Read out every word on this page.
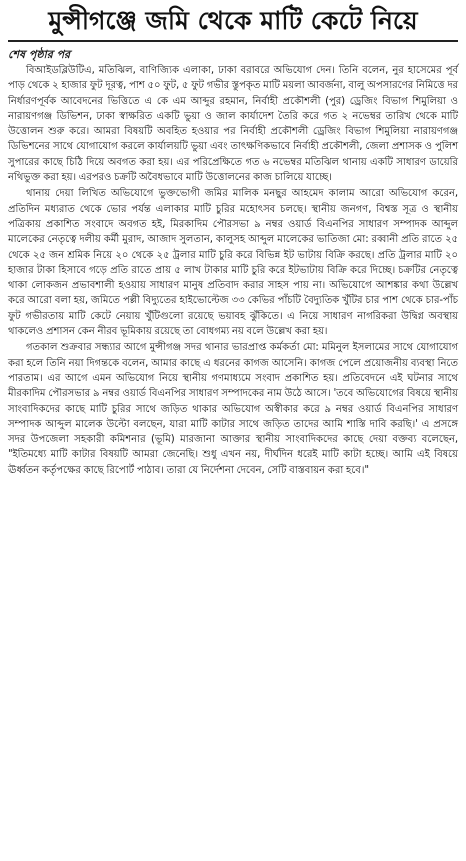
মুন্সীগঞ্জে জমি থেকে মাটি কেটে নিয়ে
শেষ পৃষ্ঠার পর

বিআইডব্লিউটিএ, মতিঝিল, বাণিজ্যিক এলাকা, ঢাকা বরাবরে অভিযোগ দেন। তিনি বলেন, নুর হাসেমের পূর্ব পাড় থেকে ২ হাজার ফুট দূরত্ব, পাশ ৫০ ফুট, ৫ ফুট গভীর স্তুপকৃত মাটি ময়লা আবর্জনা, বালু অপসারণের নিমিত্তে দর নির্ধারণপূর্বক আবেদনের ভিত্তিতে এ কে এম আব্দুর রহমান, নির্বাহী প্রকৌশলী (পুর) ড্রেজিং বিভাগ শিমুলিয়া ও নারায়ণগঞ্জ ডিভিশন, ঢাকা স্বাক্ষরিত একটি ভুয়া ও জাল কার্যাদেশ তৈরি করে গত ২ নভেম্বর তারিখ থেকে মাটি উত্তোলন শুরু করে। আমরা বিষয়টি অবহিত হওয়ার পর নির্বাহী প্রকৌশলী ড্রেজিং বিভাগ শিমুলিয়া নারায়ণগঞ্জ ডিভিশনের সাথে যোগাযোগ করলে কার্যালয়টি ভুয়া এবং তাৎক্ষণিকভাবে নির্বাহী প্রকৌশলী, জেলা প্রশাসক ও পুলিশ সুপারের কাছে চিঠি দিয়ে অবগত করা হয়। এর পরিপ্রেক্ষিতে গত ৬ নভেম্বর মতিঝিল থানায় একটি সাধারণ ডায়েরি নথিভুক্ত করা হয়। এরপরও চক্রটি অবৈধভাবে মাটি উত্তোলনের কাজ চালিয়ে যাচ্ছে।

থানায় দেয়া লিখিত অভিযোগে ভুক্তভোগী জমির মালিক মনছুর আহমেদ কালাম আরো অভিযোগ করেন, প্রতিদিন মধ্যরাত থেকে ভোর পর্যন্ত এলাকার মাটি চুরির মহোৎসব চলছে। স্থানীয় জনগণ, বিশ্বস্ত সূত্র ও স্থানীয় পত্রিকায় প্রকাশিত সংবাদে অবগত হই, মিরকাদিম পৌরসভা ৯ নম্বর ওয়ার্ড বিএনপির সাধারণ সম্পাদক আব্দুল মালেকের নেতৃত্বে দলীয় কর্মী মুরাদ, আজাদ সুলতান, কালুসহ আব্দুল মালেকের ভাতিজা মো: রব্বানী প্রতি রাতে ২৫ থেকে ২৫ জন শ্রমিক নিয়ে ২০ থেকে ২৫ ট্রলার মাটি চুরি করে বিভিন্ন ইট ভাটায় বিক্রি করছে। প্রতি ট্রলার মাটি ২০ হাজার টাকা হিসাবে গড়ে প্রতি রাতে প্রায় ৫ লাখ টাকার মাটি চুরি করে ইটভাটায় বিক্রি করে দিচ্ছে। চক্রটির নেতৃত্বে থাকা লোকজন প্রভাবশালী হওয়ায় সাধারণ মানুষ প্রতিবাদ করার সাহস পায় না। অভিযোগে আশঙ্কার কথা উল্লেখ করে আরো বলা হয়, জমিতে পল্লী বিদ্যুতের হাইভোল্টেজ ৩৩ কেভির পাঁচটি বৈদ্যুতিক খুঁটির চার পাশ থেকে চার-পাঁচ ফুট গভীরতায় মাটি কেটে নেয়ায় খুঁটিগুলো রয়েছে ভয়াবহ ঝুঁকিতে। এ নিয়ে সাধারণ নাগরিকরা উদ্বিগ্ন অবস্থায় থাকলেও প্রশাসন কেন নীরব ভূমিকায় রয়েছে তা বোধগম্য নয় বলে উল্লেখ করা হয়।

গতকাল শুক্রবার সন্ধ্যার আগে মুন্সীগঞ্জ সদর থানার ভারপ্রাপ্ত কর্মকর্তা মো: মমিনুল ইসলামের সাথে যোগাযোগ করা হলে তিনি নয়া দিগন্তকে বলেন, আমার কাছে এ ধরনের কাগজ আসেনি। কাগজ পেলে প্রয়োজনীয় ব্যবস্থা নিতে পারতাম। এর আগে এমন অভিযোগ নিয়ে স্থানীয় গণমাধ্যমে সংবাদ প্রকাশিত হয়। প্রতিবেদনে এই ঘটনার সাথে মীরকাদিম পৌরসভার ৯ নম্বর ওয়ার্ড বিএনপির সাধারণ সম্পাদকের নাম উঠে আসে। 'তবে অভিযোগের বিষয়ে স্থানীয় সাংবাদিকদের কাছে মাটি চুরির সাথে জড়িত থাকার অভিযোগ অস্বীকার করে ৯ নম্বর ওয়ার্ড বিএনপির সাধারণ সম্পাদক আব্দুল মালেক উল্টো বলছেন, যারা মাটি কাটার সাথে জড়িত তাদের আমি শাস্তি দাবি করছি।' এ প্রসঙ্গে সদর উপজেলা সহকারী কমিশনার (ভূমি) মারজানা আক্তার স্থানীয় সাংবাদিকদের কাছে দেয়া বক্তব্য বলেছেন, "ইতিমধ্যে মাটি কাটার বিষয়টি আমরা জেনেছি। শুধু এখন নয়, দীর্ঘদিন ধরেই মাটি কাটা হচ্ছে। আমি এই বিষয়ে ঊর্ধ্বতন কর্তৃপক্ষের কাছে রিপোর্ট পাঠাব। তারা যে নির্দেশনা দেবেন, সেটি বাস্তবায়ন করা হবে।"
